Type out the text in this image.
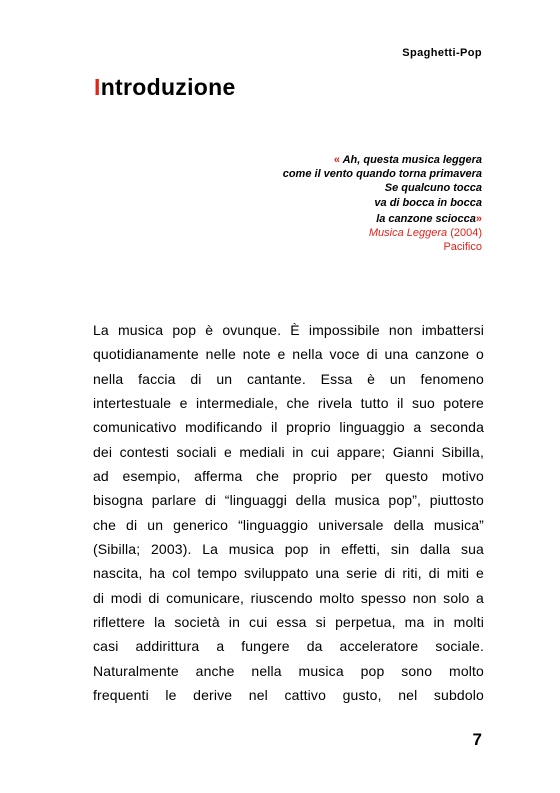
Spaghetti-Pop
Introduzione
« Ah, questa musica leggera
come il vento quando torna primavera
Se qualcuno tocca
va di bocca in bocca
la canzone sciocca»
Musica Leggera (2004)
Pacifico

La musica pop è ovunque. È impossibile non imbattersi
quotidianamente nelle note e nella voce di una canzone o
nella faccia di un cantante. Essa è un fenomeno
intertestuale e intermediale, che rivela tutto il suo potere
comunicativo modificando il proprio linguaggio a seconda
dei contesti sociali e mediali in cui appare; Gianni Sibilla,
ad esempio, afferma che proprio per questo motivo
bisogna parlare di “linguaggi della musica pop”, piuttosto
che di un generico “linguaggio universale della musica”
(Sibilla; 2003). La musica pop in effetti, sin dalla sua
nascita, ha col tempo sviluppato una serie di riti, di miti e
di modi di comunicare, riuscendo molto spesso non solo a
riflettere la società in cui essa si perpetua, ma in molti
casi addirittura a fungere da acceleratore sociale.
Naturalmente anche nella musica pop sono molto
frequenti le derive nel cattivo gusto, nel subdolo

7
